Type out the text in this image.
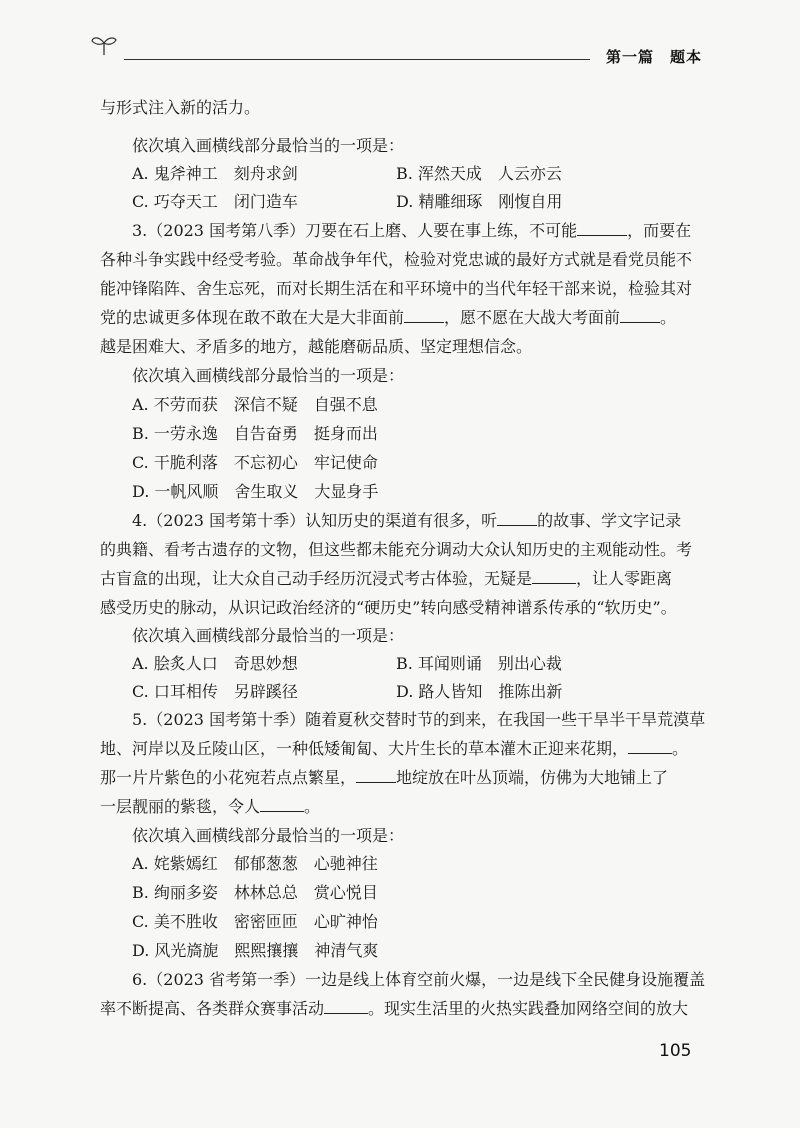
第一篇　题本
与形式注入新的活力。
依次填入画横线部分最恰当的一项是：
A. 鬼斧神工　刻舟求剑	B. 浑然天成　人云亦云
C. 巧夺天工　闭门造车	D. 精雕细琢　刚愎自用
3.（2023 国考第八季）刀要在石上磨、人要在事上练，不可能	，而要在
各种斗争实践中经受考验。革命战争年代，检验对党忠诚的最好方式就是看党员能不
能冲锋陷阵、舍生忘死，而对长期生活在和平环境中的当代年轻干部来说，检验其对
党的忠诚更多体现在敢不敢在大是大非面前	，愿不愿在大战大考面前	。
越是困难大、矛盾多的地方，越能磨砺品质、坚定理想信念。
依次填入画横线部分最恰当的一项是：
A. 不劳而获　深信不疑　自强不息
B. 一劳永逸　自告奋勇　挺身而出
C. 干脆利落　不忘初心　牢记使命
D. 一帆风顺　舍生取义　大显身手
4.（2023 国考第十季）认知历史的渠道有很多，听	的故事、学文字记录
的典籍、看考古遗存的文物，但这些都未能充分调动大众认知历史的主观能动性。考
古盲盒的出现，让大众自己动手经历沉浸式考古体验，无疑是	，让人零距离
感受历史的脉动，从识记政治经济的“硬历史”转向感受精神谱系传承的“软历史”。
依次填入画横线部分最恰当的一项是：
A. 脍炙人口　奇思妙想	B. 耳闻则诵　别出心裁
C. 口耳相传　另辟蹊径	D. 路人皆知　推陈出新
5.（2023 国考第十季）随着夏秋交替时节的到来，在我国一些干旱半干旱荒漠草
地、河岸以及丘陵山区，一种低矮匍匐、大片生长的草本灌木正迎来花期，	。
那一片片紫色的小花宛若点点繁星，	地绽放在叶丛顶端，仿佛为大地铺上了
一层靓丽的紫毯，令人	。
依次填入画横线部分最恰当的一项是：
A. 姹紫嫣红　郁郁葱葱　心驰神往
B. 绚丽多姿　林林总总　赏心悦目
C. 美不胜收　密密匝匝　心旷神怡
D. 风光旖旎　熙熙攘攘　神清气爽
6.（2023 省考第一季）一边是线上体育空前火爆，一边是线下全民健身设施覆盖
率不断提高、各类群众赛事活动	。现实生活里的火热实践叠加网络空间的放大
105
